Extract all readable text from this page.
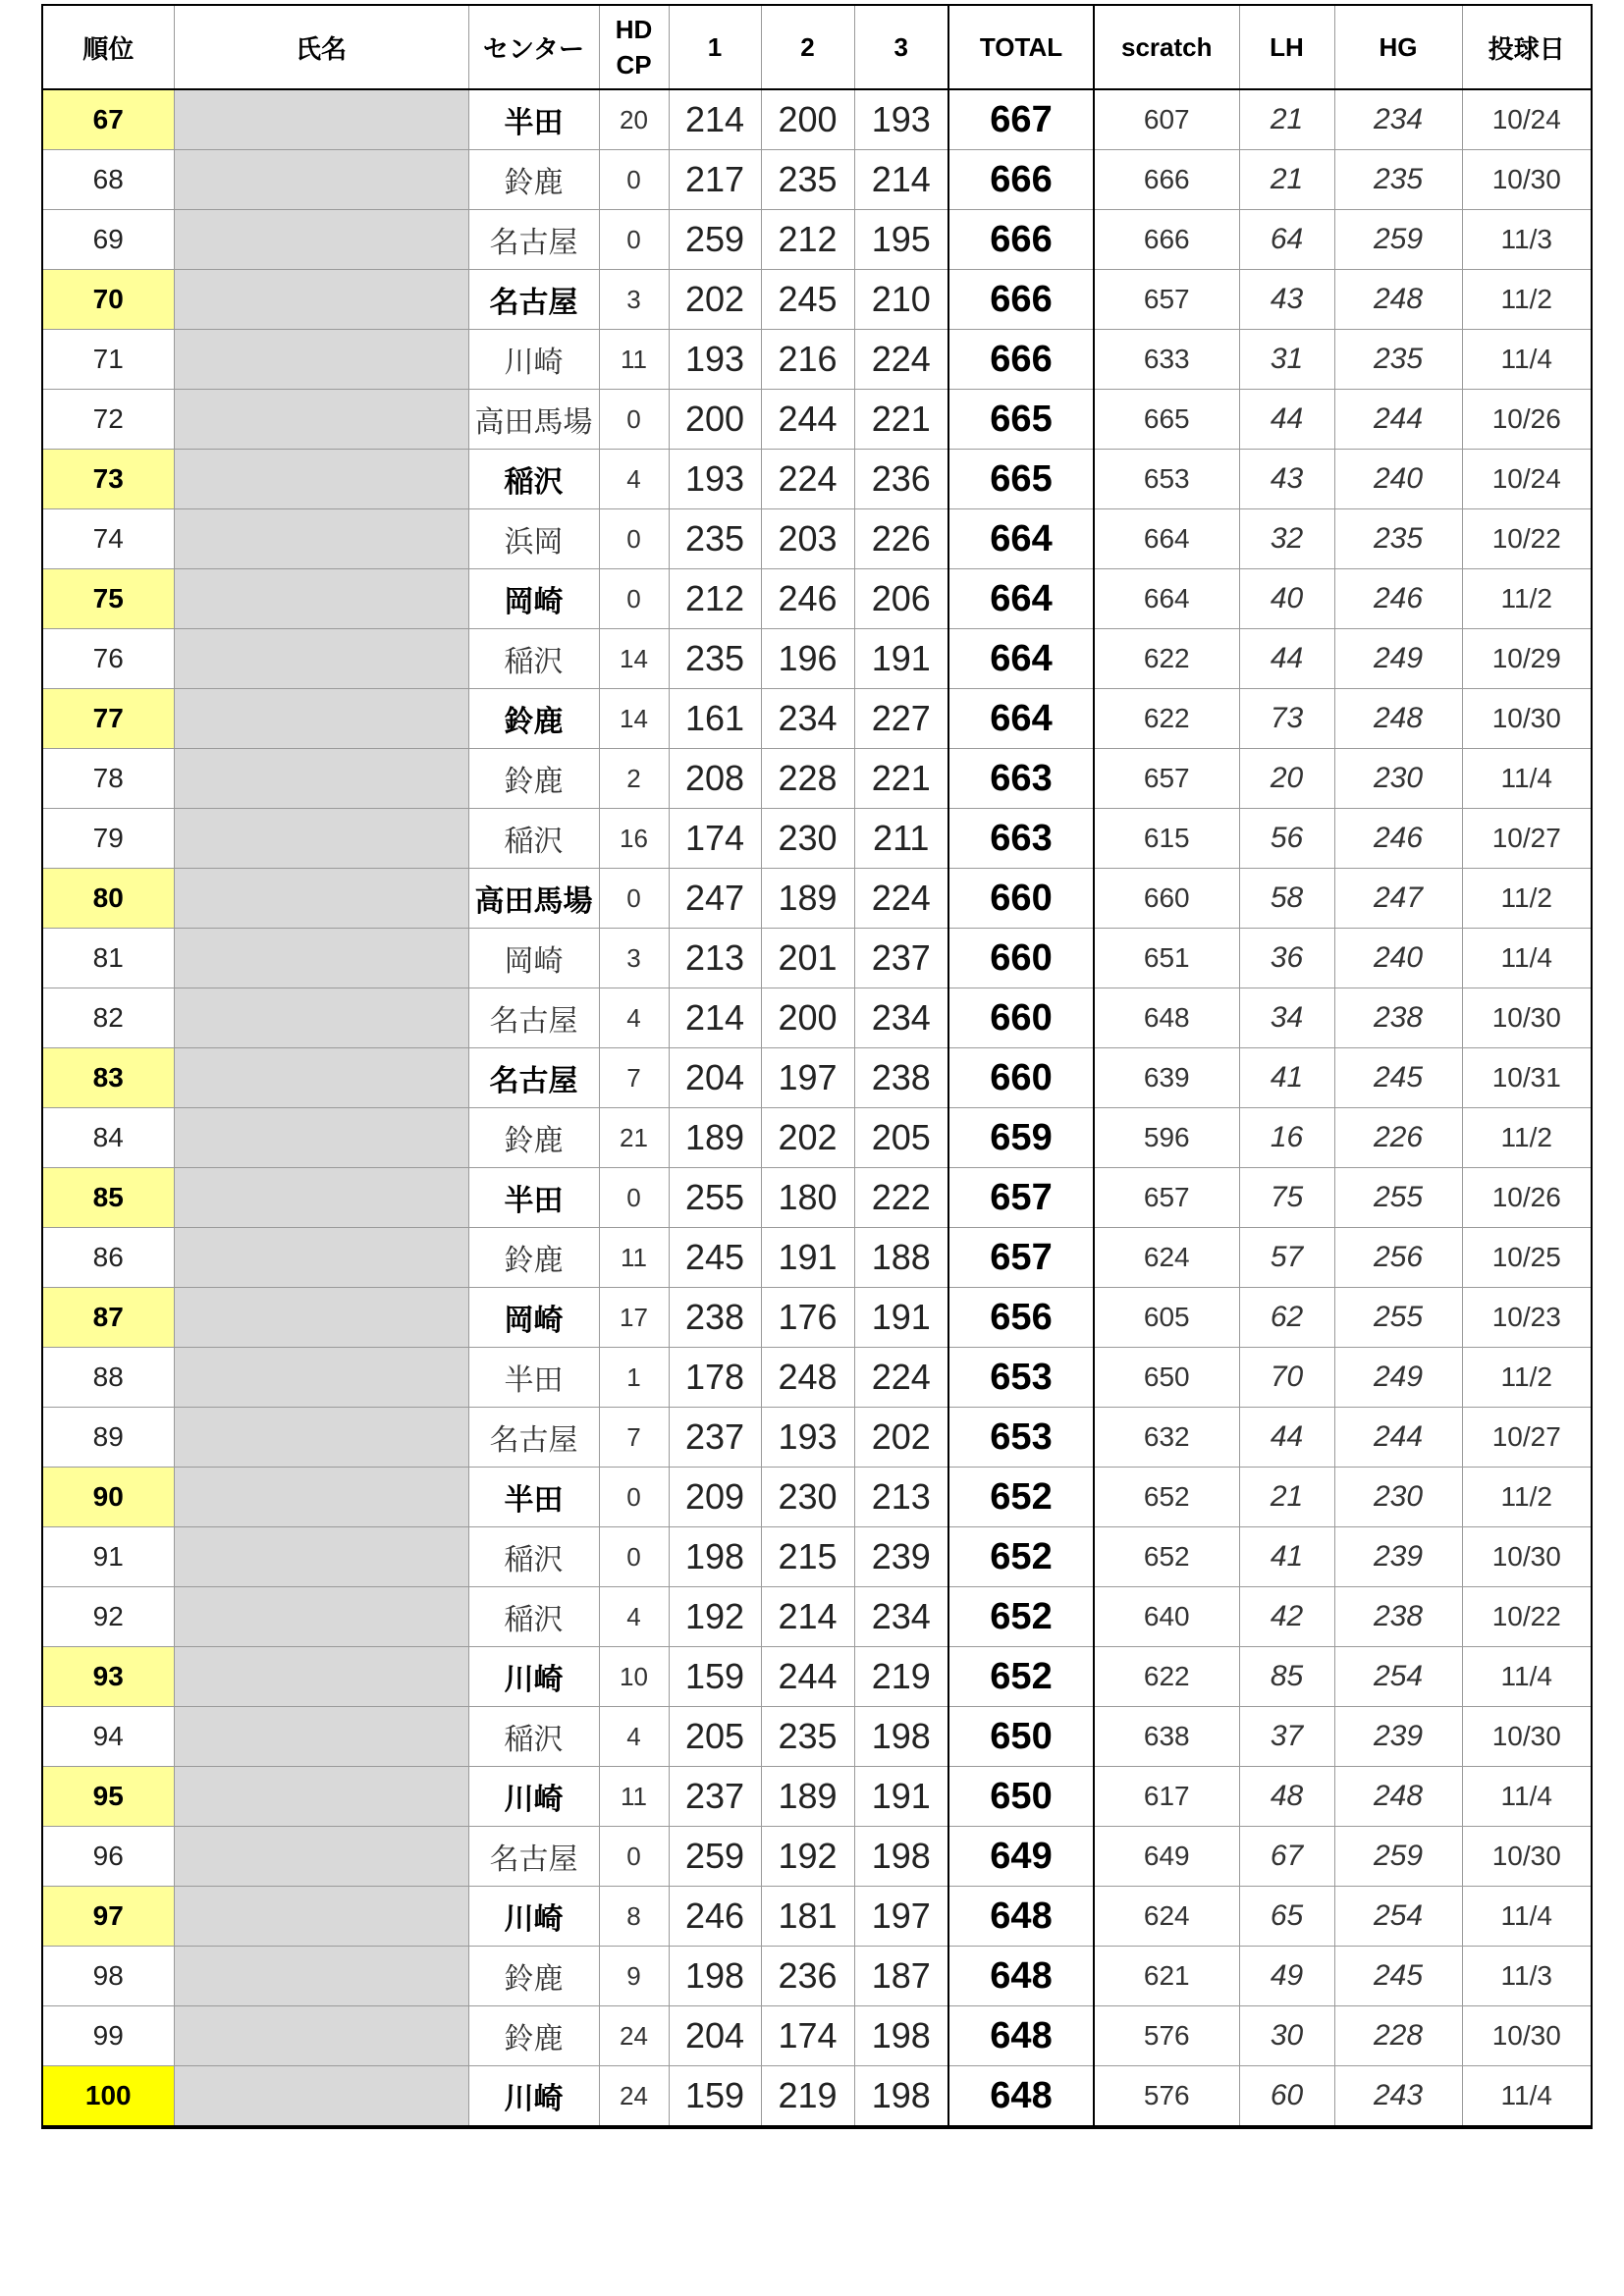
順位	氏名	センター	HD
CP	1	2	3	TOTAL	scratch	LH	HG	投球日
67		半田	20	214	200	193	667	607	21	234	10/24
68		鈴鹿	0	217	235	214	666	666	21	235	10/30
69		名古屋	0	259	212	195	666	666	64	259	11/3
70		名古屋	3	202	245	210	666	657	43	248	11/2
71		川崎	11	193	216	224	666	633	31	235	11/4
72		高田馬場	0	200	244	221	665	665	44	244	10/26
73		稲沢	4	193	224	236	665	653	43	240	10/24
74		浜岡	0	235	203	226	664	664	32	235	10/22
75		岡崎	0	212	246	206	664	664	40	246	11/2
76		稲沢	14	235	196	191	664	622	44	249	10/29
77		鈴鹿	14	161	234	227	664	622	73	248	10/30
78		鈴鹿	2	208	228	221	663	657	20	230	11/4
79		稲沢	16	174	230	211	663	615	56	246	10/27
80		高田馬場	0	247	189	224	660	660	58	247	11/2
81		岡崎	3	213	201	237	660	651	36	240	11/4
82		名古屋	4	214	200	234	660	648	34	238	10/30
83		名古屋	7	204	197	238	660	639	41	245	10/31
84		鈴鹿	21	189	202	205	659	596	16	226	11/2
85		半田	0	255	180	222	657	657	75	255	10/26
86		鈴鹿	11	245	191	188	657	624	57	256	10/25
87		岡崎	17	238	176	191	656	605	62	255	10/23
88		半田	1	178	248	224	653	650	70	249	11/2
89		名古屋	7	237	193	202	653	632	44	244	10/27
90		半田	0	209	230	213	652	652	21	230	11/2
91		稲沢	0	198	215	239	652	652	41	239	10/30
92		稲沢	4	192	214	234	652	640	42	238	10/22
93		川崎	10	159	244	219	652	622	85	254	11/4
94		稲沢	4	205	235	198	650	638	37	239	10/30
95		川崎	11	237	189	191	650	617	48	248	11/4
96		名古屋	0	259	192	198	649	649	67	259	10/30
97		川崎	8	246	181	197	648	624	65	254	11/4
98		鈴鹿	9	198	236	187	648	621	49	245	11/3
99		鈴鹿	24	204	174	198	648	576	30	228	10/30
100		川崎	24	159	219	198	648	576	60	243	11/4
